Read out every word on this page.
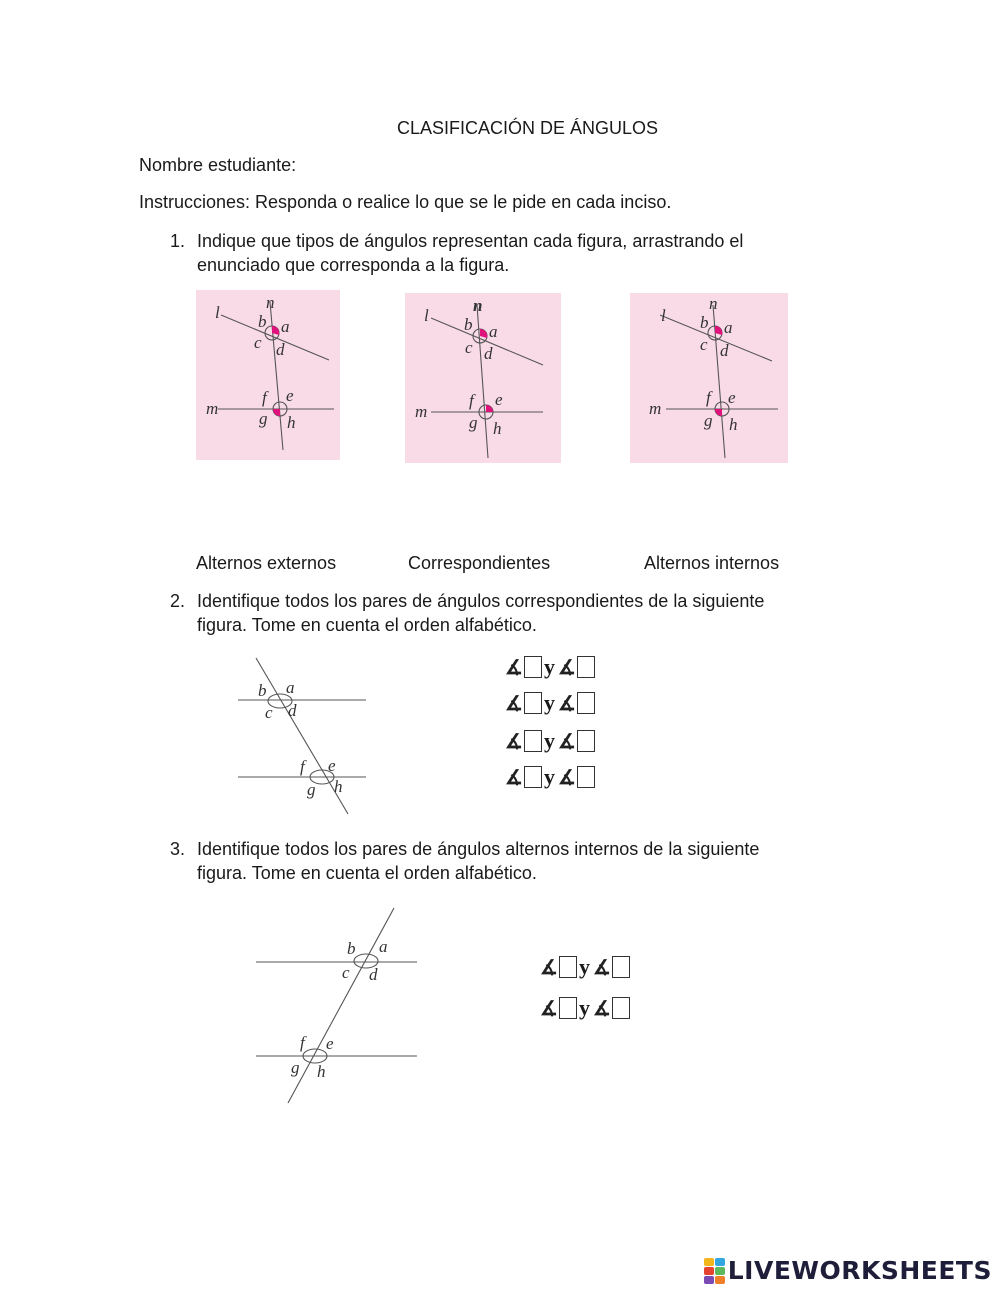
CLASIFICACIÓN DE ÁNGULOS
Nombre estudiante:
Instrucciones: Responda o realice lo que se le pide en cada inciso.
1. Indique que tipos de ángulos representan cada figura, arrastrando el
enunciado que corresponda a la figura.
l
n
b a
c d
m
f e
g h
l
n
b a
c d
m
f e
g h
l
n
b a
c d
m
f e
g h
Alternos externos	Correspondientes	Alternos internos
2. Identifique todos los pares de ángulos correspondientes de la siguiente
figura. Tome en cuenta el orden alfabético.
b a
c d
f e
g h
∡ y ∡
∡ y ∡
∡ y ∡
∡ y ∡
3. Identifique todos los pares de ángulos alternos internos de la siguiente
figura. Tome en cuenta el orden alfabético.
b a
c d
f e
g h
∡ y ∡
∡ y ∡
LIVEWORKSHEETS
